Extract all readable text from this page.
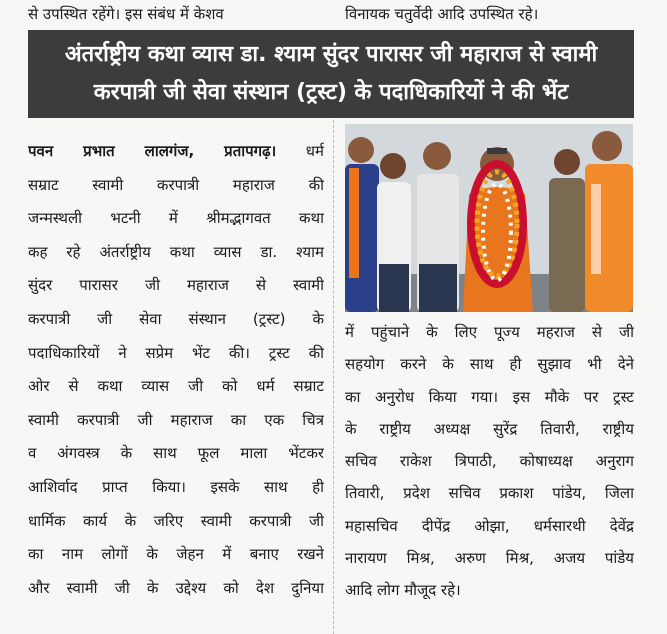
से उपस्थित रहेंगे। इस संबंध में केशव	विनायक चतुर्वेदी आदि उपस्थित रहे।
अंतर्राष्ट्रीय कथा व्यास डा. श्याम सुंदर पारासर जी महाराज से स्वामी
करपात्री जी सेवा संस्थान (ट्रस्ट) के पदाधिकारियों ने की भेंट
पवन प्रभात लालगंज, प्रतापगढ़। धर्म
सम्राट स्वामी करपात्री महाराज की
जन्मस्थली भटनी में श्रीमद्भागवत कथा
कह रहे अंतर्राष्ट्रीय कथा व्यास डा. श्याम
सुंदर पारासर जी महाराज से स्वामी
करपात्री जी सेवा संस्थान (ट्रस्ट) के
पदाधिकारियों ने सप्रेम भेंट की। ट्रस्ट की
ओर से कथा व्यास जी को धर्म सम्राट
स्वामी करपात्री जी महाराज का एक चित्र
व अंगवस्त्र के साथ फूल माला भेंटकर
आशिर्वाद प्राप्त किया। इसके साथ ही
धार्मिक कार्य के जरिए स्वामी करपात्री जी
का नाम लोगों के जेहन में बनाए रखने
और स्वामी जी के उद्देश्य को देश दुनिया
में पहुंचाने के लिए पूज्य महराज से जी
सहयोग करने के साथ ही सुझाव भी देने
का अनुरोध किया गया। इस मौके पर ट्रस्ट
के राष्ट्रीय अध्यक्ष सुरेंद्र तिवारी, राष्ट्रीय
सचिव राकेश त्रिपाठी, कोषाध्यक्ष अनुराग
तिवारी, प्रदेश सचिव प्रकाश पांडेय, जिला
महासचिव दीपेंद्र ओझा, धर्मसारथी देवेंद्र
नारायण मिश्र, अरुण मिश्र, अजय पांडेय
आदि लोग मौजूद रहे।
